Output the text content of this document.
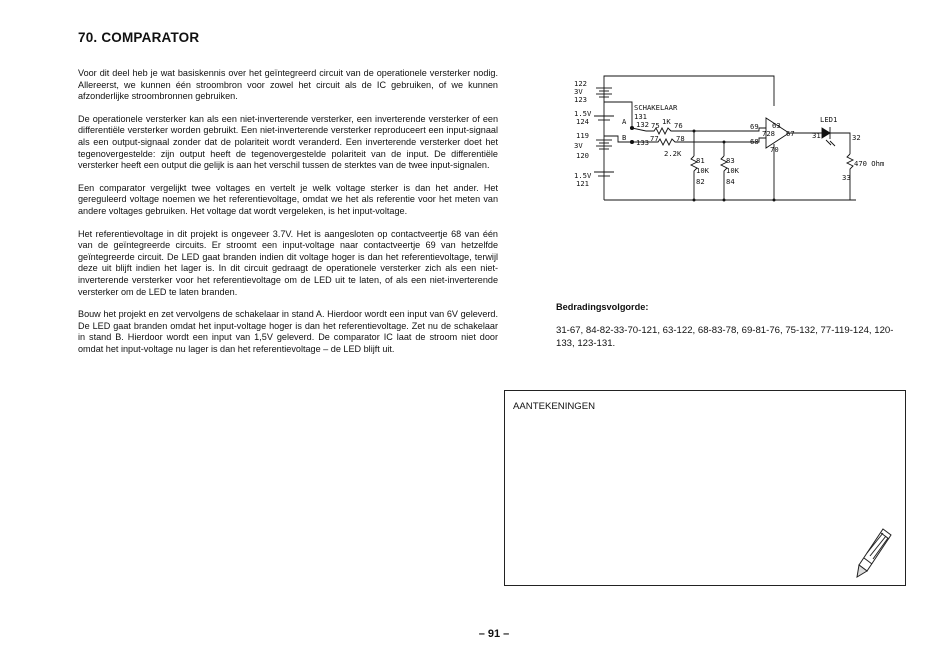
70. COMPARATOR

Voor dit deel heb je wat basiskennis over het geïntegreerd circuit van de operationele versterker nodig. Allereerst, we kunnen één stroombron voor zowel het circuit als de IC gebruiken, of we kunnen afzonderlijke stroombronnen gebruiken.

De operationele versterker kan als een niet-inverterende versterker, een inverterende versterker of een differentiële versterker worden gebruikt. Een niet-inverterende versterker reproduceert een input-signaal als een output-signaal zonder dat de polariteit wordt veranderd. Een inverterende versterker doet het tegenovergestelde: zijn output heeft de tegenovergestelde polariteit van de input. De differentiële versterker heeft een output die gelijk is aan het verschil tussen de sterktes van de twee input-signalen.

Een comparator vergelijkt twee voltages en vertelt je welk voltage sterker is dan het ander. Het gereguleerd voltage noemen we het referentievoltage, omdat we het als referentie voor het meten van andere voltages gebruiken. Het voltage dat wordt vergeleken, is het input-voltage.

Het referentievoltage in dit projekt is ongeveer 3.7V. Het is aangesloten op contactveertje 68 van één van de geïntegreerde circuits. Er stroomt een input-voltage naar contactveertje 69 van hetzelfde geïntegreerde circuit. De LED gaat branden indien dit voltage hoger is dan het referentievoltage, terwijl deze uit blijft indien het lager is. In dit circuit gedraagt de operationele versterker zich als een niet-inverterende versterker voor het referentievoltage om de LED uit te laten, of als een niet-inverterende versterker om de LED te laten branden.

Bouw het projekt en zet vervolgens de schakelaar in stand A. Hierdoor wordt een input van 6V geleverd. De LED gaat branden omdat het input-voltage hoger is dan het referentievoltage. Zet nu de schakelaar in stand B. Hierdoor wordt een input van 1,5V geleverd. De comparator IC laat de stroom niet door omdat het input-voltage nu lager is dan het referentievoltage – de LED blijft uit.

122
3V
123
1.5V
124
119
3V
120
1.5V
121
SCHAKELAAR
A
B
131
132 75 1K 76
133 77 78
2.2K
81	83
10K 10K
82	84
69 63
728 67
68
70
LED1
31	32
470 Ohm
33
Bedradingsvolgorde:
31-67, 84-82-33-70-121, 63-122, 68-83-78, 69-81-76, 75-132, 77-119-124, 120-133, 123-131.
AANTEKENINGEN
– 91 –
